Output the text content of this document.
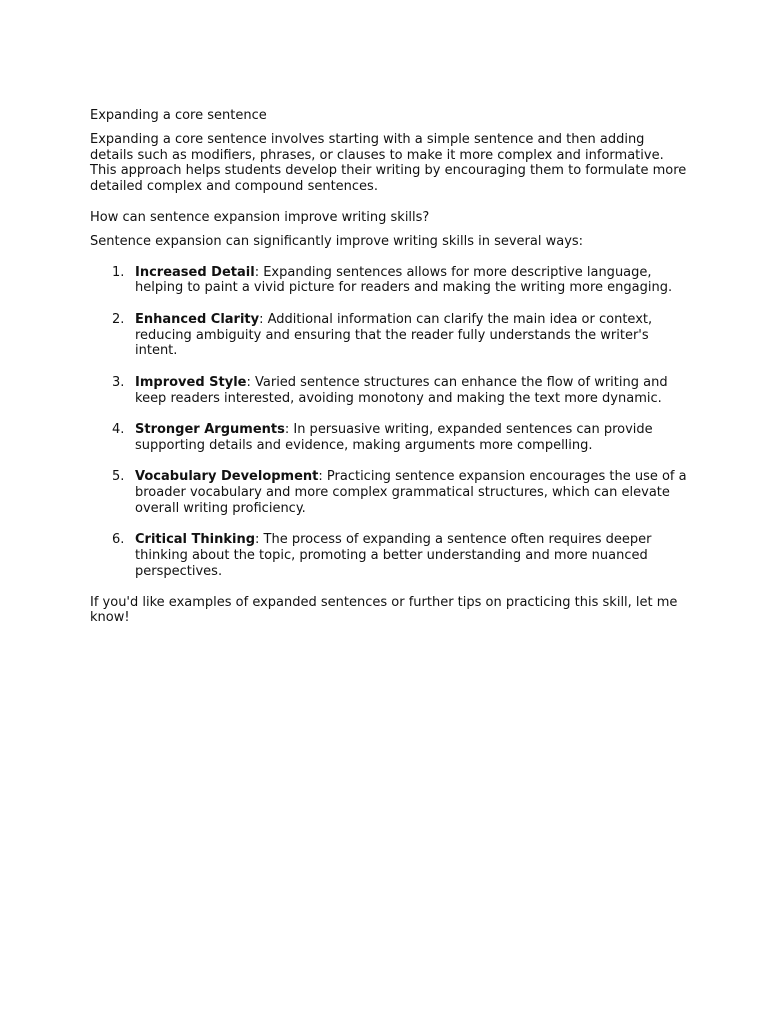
Expanding a core sentence

Expanding a core sentence involves starting with a simple sentence and then adding details such as modifiers, phrases, or clauses to make it more complex and informative. This approach helps students develop their writing by encouraging them to formulate more detailed complex and compound sentences.

How can sentence expansion improve writing skills?

Sentence expansion can significantly improve writing skills in several ways:

1. Increased Detail: Expanding sentences allows for more descriptive language, helping to paint a vivid picture for readers and making the writing more engaging.
2. Enhanced Clarity: Additional information can clarify the main idea or context, reducing ambiguity and ensuring that the reader fully understands the writer's intent.
3. Improved Style: Varied sentence structures can enhance the flow of writing and keep readers interested, avoiding monotony and making the text more dynamic.
4. Stronger Arguments: In persuasive writing, expanded sentences can provide supporting details and evidence, making arguments more compelling.
5. Vocabulary Development: Practicing sentence expansion encourages the use of a broader vocabulary and more complex grammatical structures, which can elevate overall writing proficiency.
6. Critical Thinking: The process of expanding a sentence often requires deeper thinking about the topic, promoting a better understanding and more nuanced perspectives.

If you'd like examples of expanded sentences or further tips on practicing this skill, let me know!
